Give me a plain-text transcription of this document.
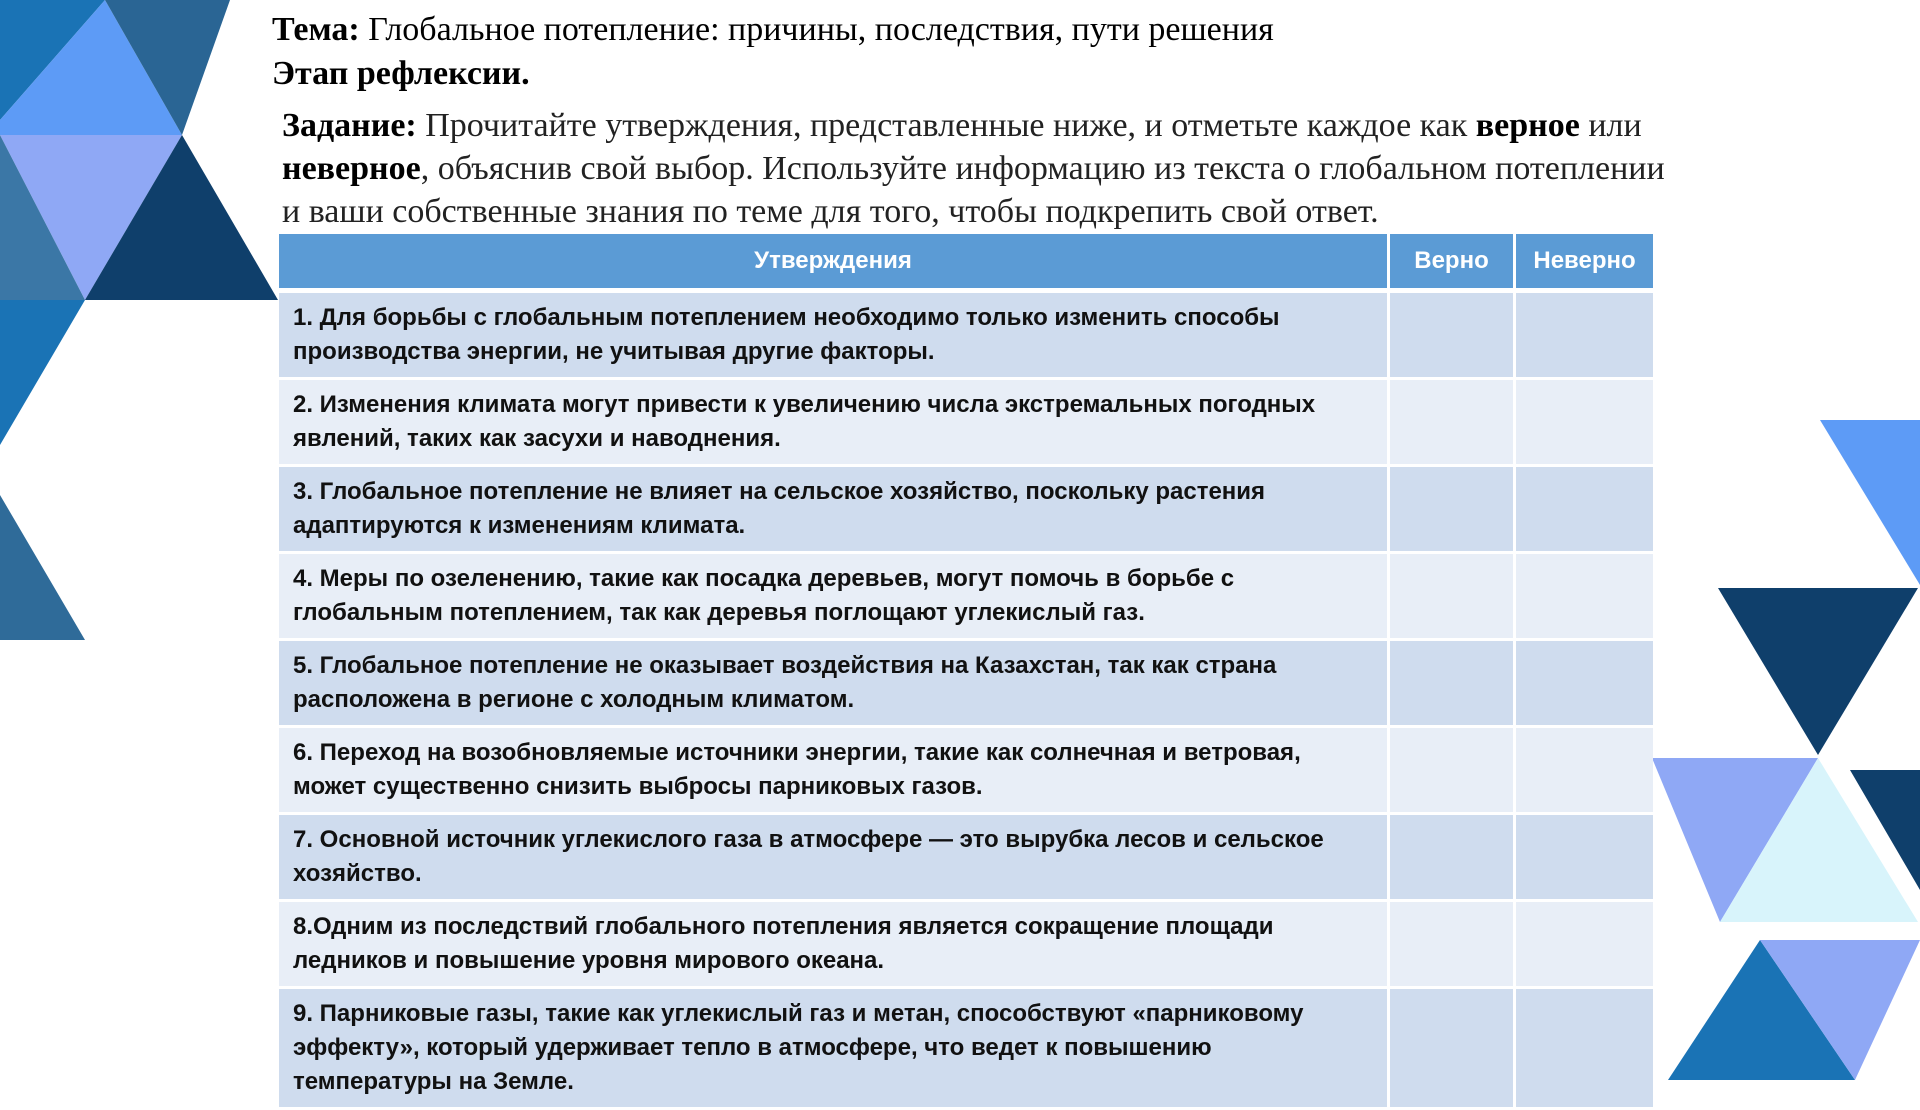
Тема: Глобальное потепление: причины, последствия, пути решения
Этап рефлексии.
Задание: Прочитайте утверждения, представленные ниже, и отметьте каждое как верное или неверное, объяснив свой выбор. Используйте информацию из текста о глобальном потеплении и ваши собственные знания по теме для того, чтобы подкрепить свой ответ.
Утверждения	Верно	Неверно
1. Для борьбы с глобальным потеплением необходимо только изменить способы производства энергии, не учитывая другие факторы.		
2. Изменения климата могут привести к увеличению числа экстремальных погодных явлений, таких как засухи и наводнения.		
3. Глобальное потепление не влияет на сельское хозяйство, поскольку растения адаптируются к изменениям климата.		
4. Меры по озеленению, такие как посадка деревьев, могут помочь в борьбе с глобальным потеплением, так как деревья поглощают углекислый газ.		
5. Глобальное потепление не оказывает воздействия на Казахстан, так как страна расположена в регионе с холодным климатом.		
6. Переход на возобновляемые источники энергии, такие как солнечная и ветровая, может существенно снизить выбросы парниковых газов.		
7. Основной источник углекислого газа в атмосфере — это вырубка лесов и сельское хозяйство.		
8.Одним из последствий глобального потепления является сокращение площади ледников и повышение уровня мирового океана.		
9. Парниковые газы, такие как углекислый газ и метан, способствуют «парниковому эффекту», который удерживает тепло в атмосфере, что ведет к повышению температуры на Земле.		
